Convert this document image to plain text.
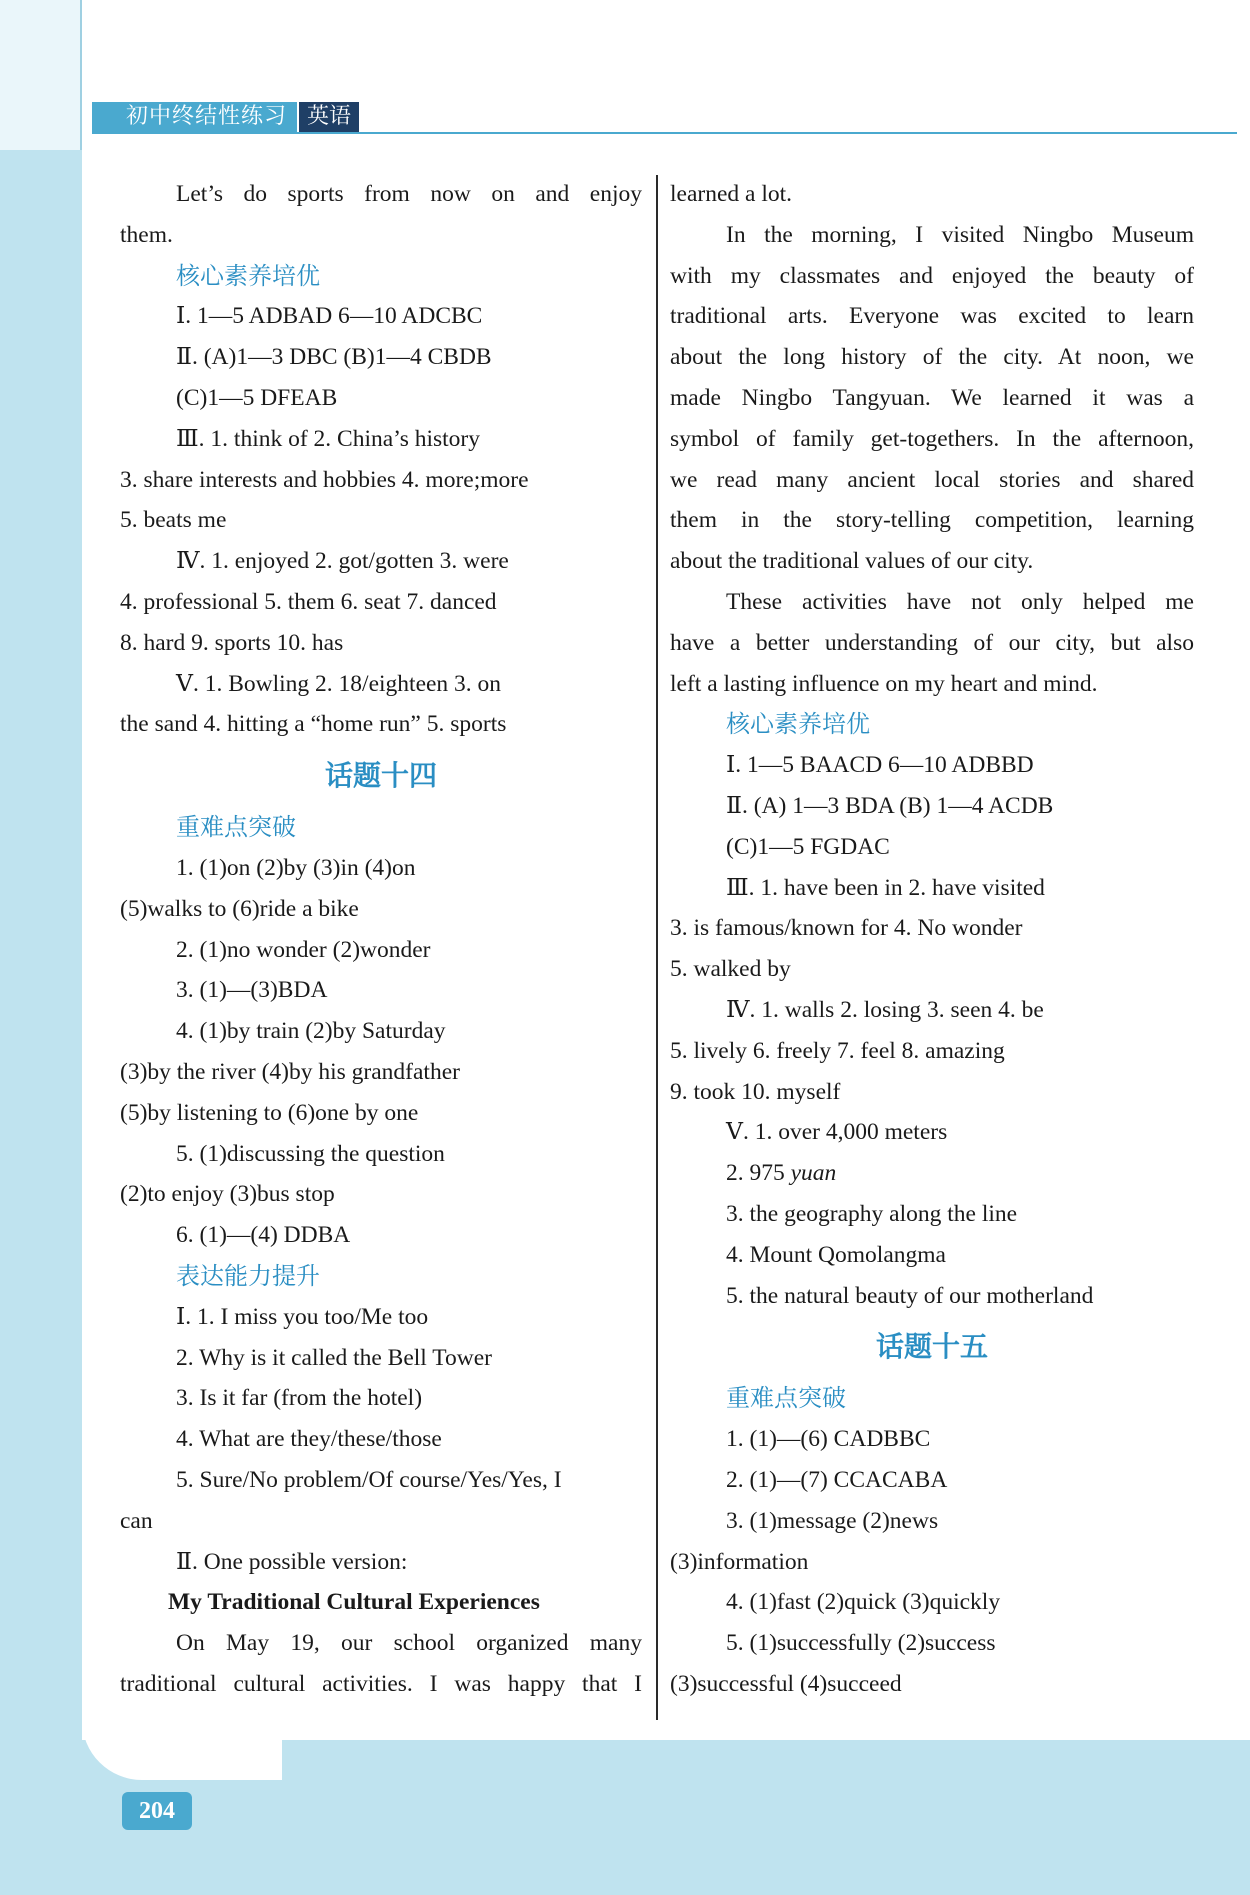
初中终结性练习 英语
Let’s do sports from now on and enjoy
them.
核心素养培优
Ⅰ. 1—5 ADBAD 6—10 ADCBC
Ⅱ. (A)1—3 DBC (B)1—4 CBDB
(C)1—5 DFEAB
Ⅲ. 1. think of 2. China’s history
3. share interests and hobbies 4. more;more
5. beats me
Ⅳ. 1. enjoyed 2. got/gotten 3. were
4. professional 5. them 6. seat 7. danced
8. hard 9. sports 10. has
Ⅴ. 1. Bowling 2. 18/eighteen 3. on
the sand 4. hitting a “home run” 5. sports
话题十四
重难点突破
1. (1)on (2)by (3)in (4)on
(5)walks to (6)ride a bike
2. (1)no wonder (2)wonder
3. (1)—(3)BDA
4. (1)by train (2)by Saturday
(3)by the river (4)by his grandfather
(5)by listening to (6)one by one
5. (1)discussing the question
(2)to enjoy (3)bus stop
6. (1)—(4) DDBA
表达能力提升
Ⅰ. 1. I miss you too/Me too
2. Why is it called the Bell Tower
3. Is it far (from the hotel)
4. What are they/these/those
5. Sure/No problem/Of course/Yes/Yes, I
can
Ⅱ. One possible version:
My Traditional Cultural Experiences
On May 19, our school organized many
traditional cultural activities. I was happy that I
learned a lot.
In the morning, I visited Ningbo Museum
with my classmates and enjoyed the beauty of
traditional arts. Everyone was excited to learn
about the long history of the city. At noon, we
made Ningbo Tangyuan. We learned it was a
symbol of family get-togethers. In the afternoon,
we read many ancient local stories and shared
them in the story-telling competition, learning
about the traditional values of our city.
These activities have not only helped me
have a better understanding of our city, but also
left a lasting influence on my heart and mind.
核心素养培优
Ⅰ. 1—5 BAACD 6—10 ADBBD
Ⅱ. (A) 1—3 BDA (B) 1—4 ACDB
(C)1—5 FGDAC
Ⅲ. 1. have been in 2. have visited
3. is famous/known for 4. No wonder
5. walked by
Ⅳ. 1. walls 2. losing 3. seen 4. be
5. lively 6. freely 7. feel 8. amazing
9. took 10. myself
Ⅴ. 1. over 4,000 meters
2. 975 yuan
3. the geography along the line
4. Mount Qomolangma
5. the natural beauty of our motherland
话题十五
重难点突破
1. (1)—(6) CADBBC
2. (1)—(7) CCACABA
3. (1)message (2)news
(3)information
4. (1)fast (2)quick (3)quickly
5. (1)successfully (2)success
(3)successful (4)succeed
204
